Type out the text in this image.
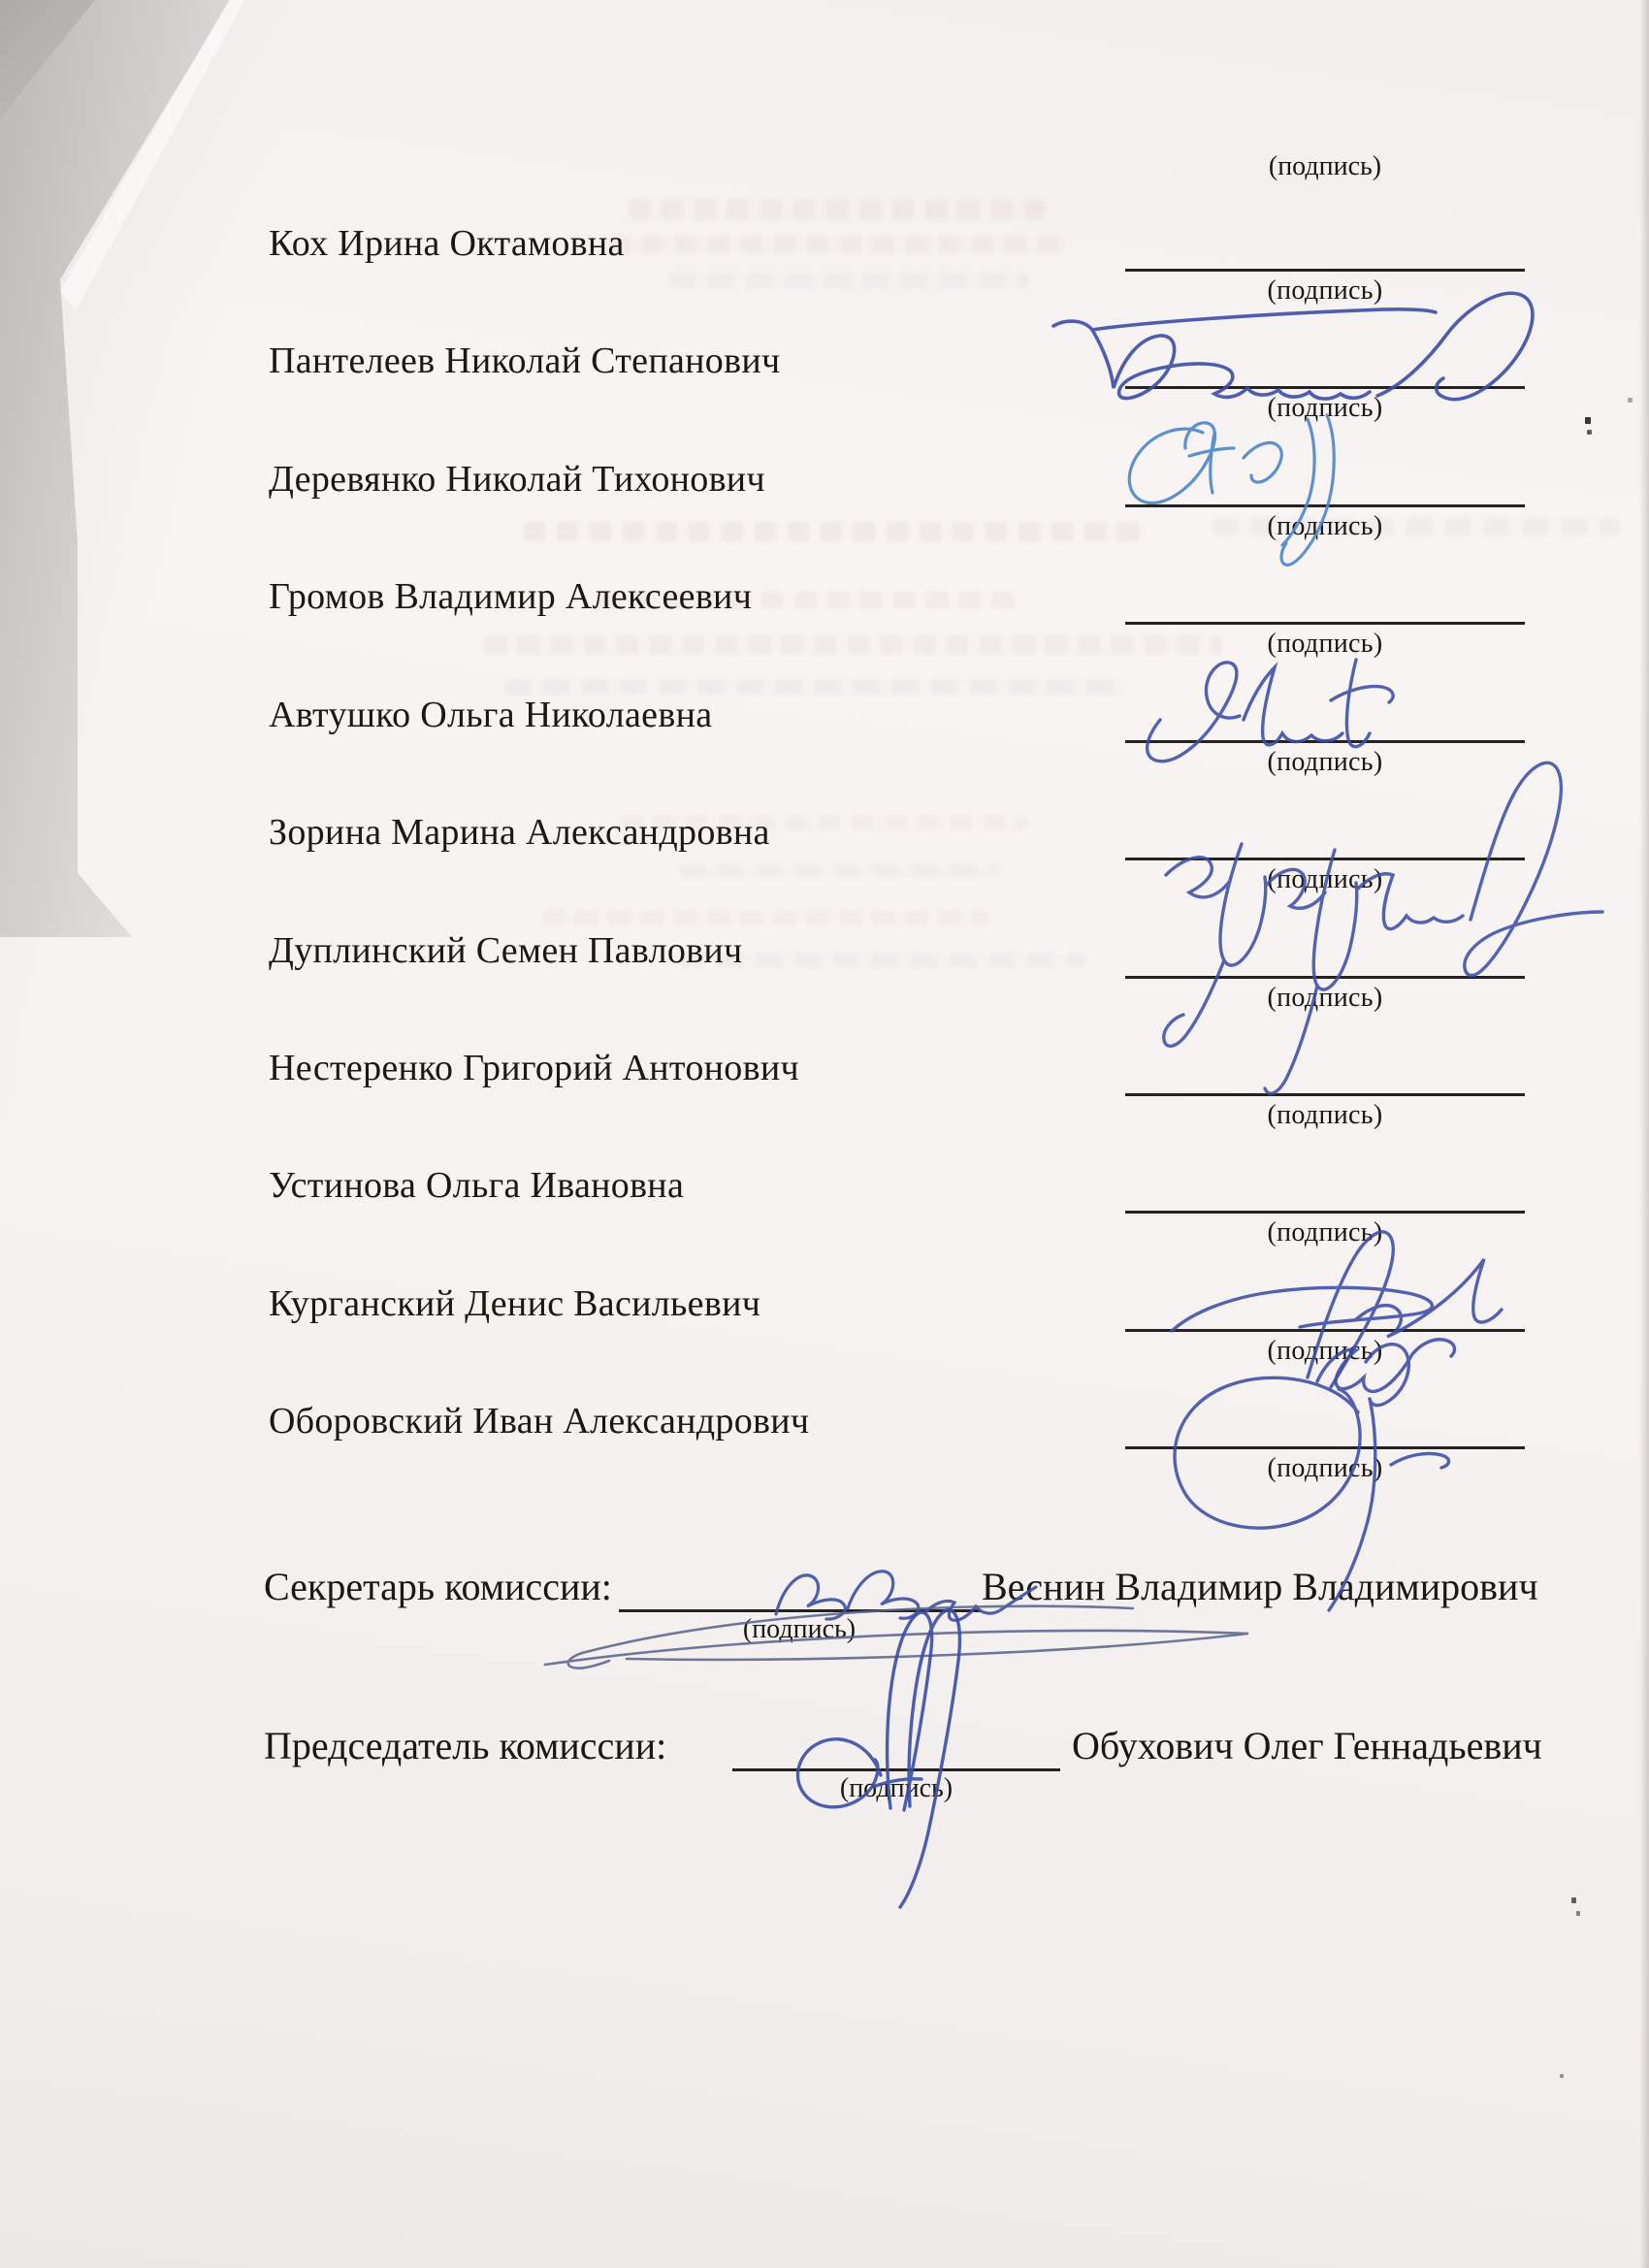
(подпись)
Кох Ирина Октамовна
(подпись)
Пантелеев Николай Степанович
(подпись)
Деревянко Николай Тихонович
(подпись)
Громов Владимир Алексеевич
(подпись)
Автушко Ольга Николаевна
(подпись)
Зорина Марина Александровна
(подпись)
Дуплинский Семен Павлович
(подпись)
Нестеренко Григорий Антонович
(подпись)
Устинова Ольга Ивановна
(подпись)
Курганский Денис Васильевич
(подпись)
Оборовский Иван Александрович
(подпись)
Секретарь комиссии:
(подпись)
Веснин Владимир Владимирович
Председатель комиссии:
(подпись)
Обухович Олег Геннадьевич
